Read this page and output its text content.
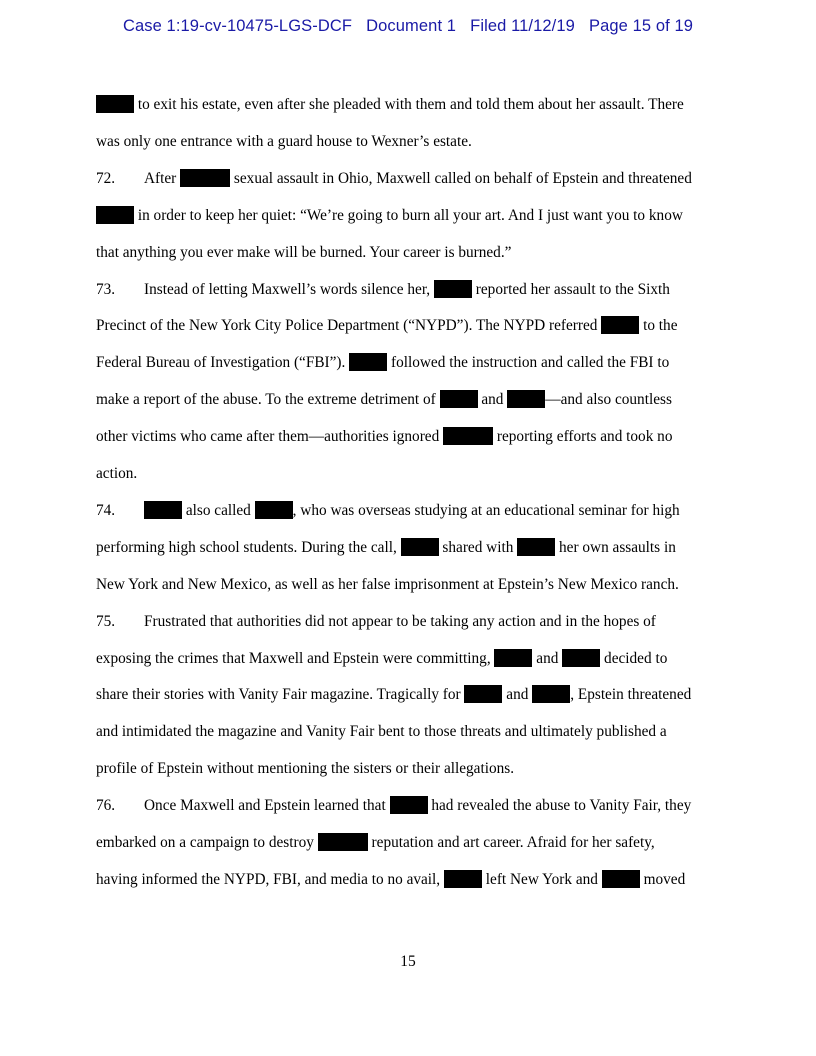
Case 1:19-cv-10475-LGS-DCF Document 1 Filed 11/12/19 Page 15 of 19
to exit his estate, even after she pleaded with them and told them about her assault. There
was only one entrance with a guard house to Wexner’s estate.
72. After	sexual assault in Ohio, Maxwell called on behalf of Epstein and threatened
in order to keep her quiet: “We’re going to burn all your art. And I just want you to know
that anything you ever make will be burned. Your career is burned.”
73. Instead of letting Maxwell’s words silence her,  reported her assault to the Sixth
Precinct of the New York City Police Department (“NYPD”). The NYPD referred  to the
Federal Bureau of Investigation (“FBI”).  followed the instruction and called the FBI to
make a report of the abuse. To the extreme detriment of  and —and also countless
other victims who came after them—authorities ignored	reporting efforts and took no
action.
74.	also called , who was overseas studying at an educational seminar for high
performing high school students. During the call,  shared with  her own assaults in
New York and New Mexico, as well as her false imprisonment at Epstein’s New Mexico ranch.
75. Frustrated that authorities did not appear to be taking any action and in the hopes of
exposing the crimes that Maxwell and Epstein were committing,  and  decided to
share their stories with Vanity Fair magazine. Tragically for  and , Epstein threatened
and intimidated the magazine and Vanity Fair bent to those threats and ultimately published a
profile of Epstein without mentioning the sisters or their allegations.
76. Once Maxwell and Epstein learned that  had revealed the abuse to Vanity Fair, they
embarked on a campaign to destroy	reputation and art career. Afraid for her safety,
having informed the NYPD, FBI, and media to no avail,  left New York and  moved
15
